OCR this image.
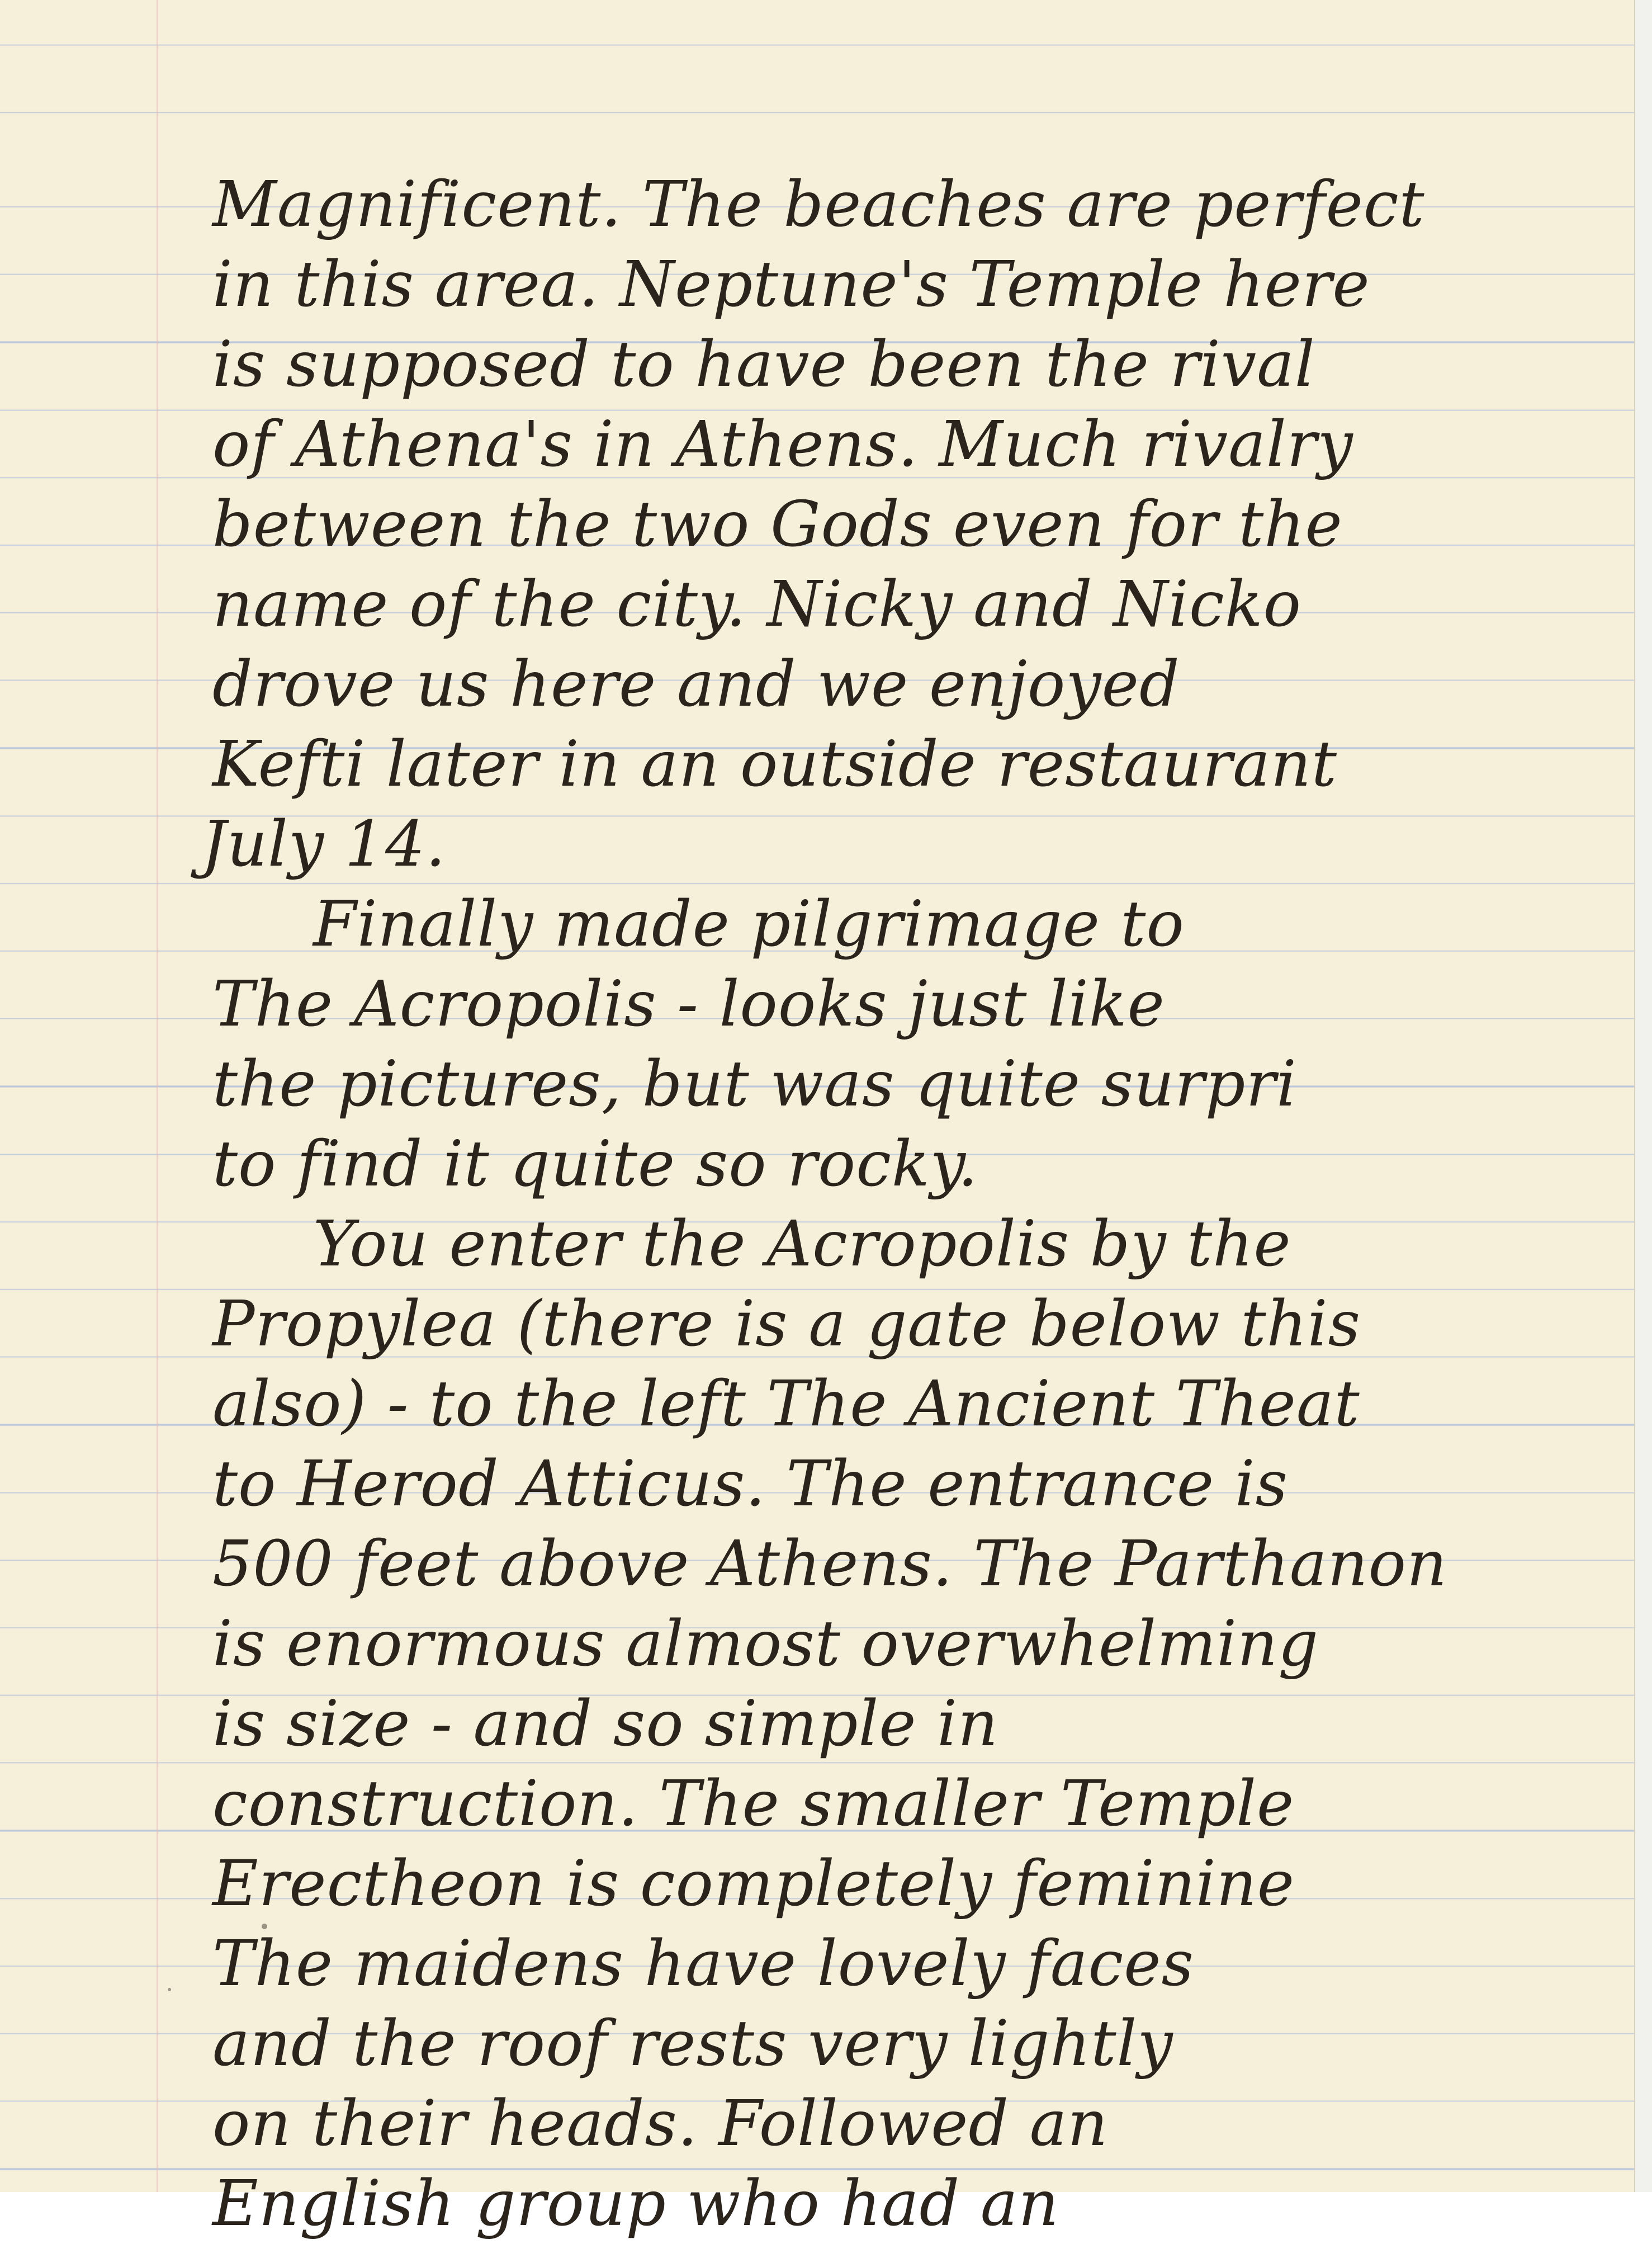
Magnificent. The beaches are perfect
in this area. Neptune's Temple here
is supposed to have been the rival
of Athena's in Athens. Much rivalry
between the two Gods even for the
name of the city. Nicky and Nicko
drove us here and we enjoyed
Kefti later in an outside restaurant
July 14.
Finally made pilgrimage to
The Acropolis - looks just like
the pictures, but was quite surpri
to find it quite so rocky.
You enter the Acropolis by the
Propylea (there is a gate below this
also) - to the left The Ancient Theat
to Herod Atticus. The entrance is
500 feet above Athens. The Parthanon
is enormous almost overwhelming
is size - and so simple in
construction. The smaller Temple
Erectheon is completely feminine
The maidens have lovely faces
and the roof rests very lightly
on their heads. Followed an
English group who had an
